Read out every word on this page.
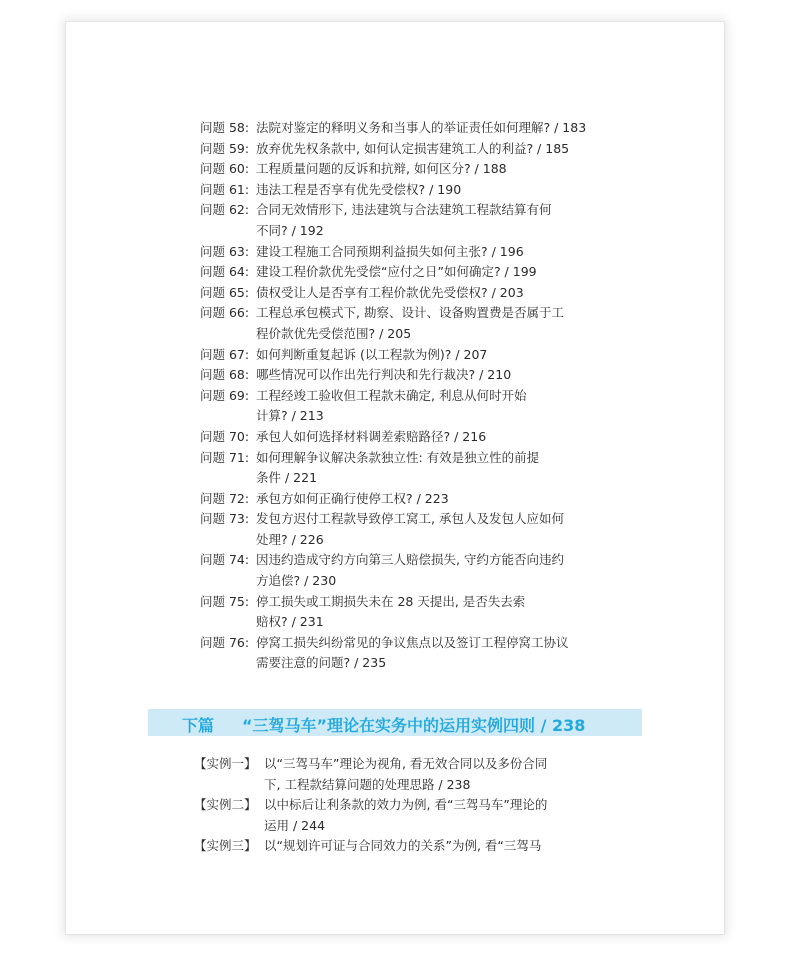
问题 58: 法院对鉴定的释明义务和当事人的举证责任如何理解? / 183
问题 59: 放弃优先权条款中, 如何认定损害建筑工人的利益? / 185
问题 60: 工程质量问题的反诉和抗辩, 如何区分? / 188
问题 61: 违法工程是否享有优先受偿权? / 190
问题 62: 合同无效情形下, 违法建筑与合法建筑工程款结算有何
不同? / 192
问题 63: 建设工程施工合同预期利益损失如何主张? / 196
问题 64: 建设工程价款优先受偿“应付之日”如何确定? / 199
问题 65: 债权受让人是否享有工程价款优先受偿权? / 203
问题 66: 工程总承包模式下, 勘察、设计、设备购置费是否属于工
程价款优先受偿范围? / 205
问题 67: 如何判断重复起诉 (以工程款为例)? / 207
问题 68: 哪些情况可以作出先行判决和先行裁决? / 210
问题 69: 工程经竣工验收但工程款未确定, 利息从何时开始
计算? / 213
问题 70: 承包人如何选择材料调差索赔路径? / 216
问题 71: 如何理解争议解决条款独立性: 有效是独立性的前提
条件 / 221
问题 72: 承包方如何正确行使停工权? / 223
问题 73: 发包方迟付工程款导致停工窝工, 承包人及发包人应如何
处理? / 226
问题 74: 因违约造成守约方向第三人赔偿损失, 守约方能否向违约
方追偿? / 230
问题 75: 停工损失或工期损失未在 28 天提出, 是否失去索
赔权? / 231
问题 76: 停窝工损失纠纷常见的争议焦点以及签订工程停窝工协议
需要注意的问题? / 235
下篇 “三驾马车”理论在实务中的运用实例四则 / 238
【实例一】 以“三驾马车”理论为视角, 看无效合同以及多份合同
下, 工程款结算问题的处理思路 / 238
【实例二】 以中标后让利条款的效力为例, 看“三驾马车”理论的
运用 / 244
【实例三】 以“规划许可证与合同效力的关系”为例, 看“三驾马
